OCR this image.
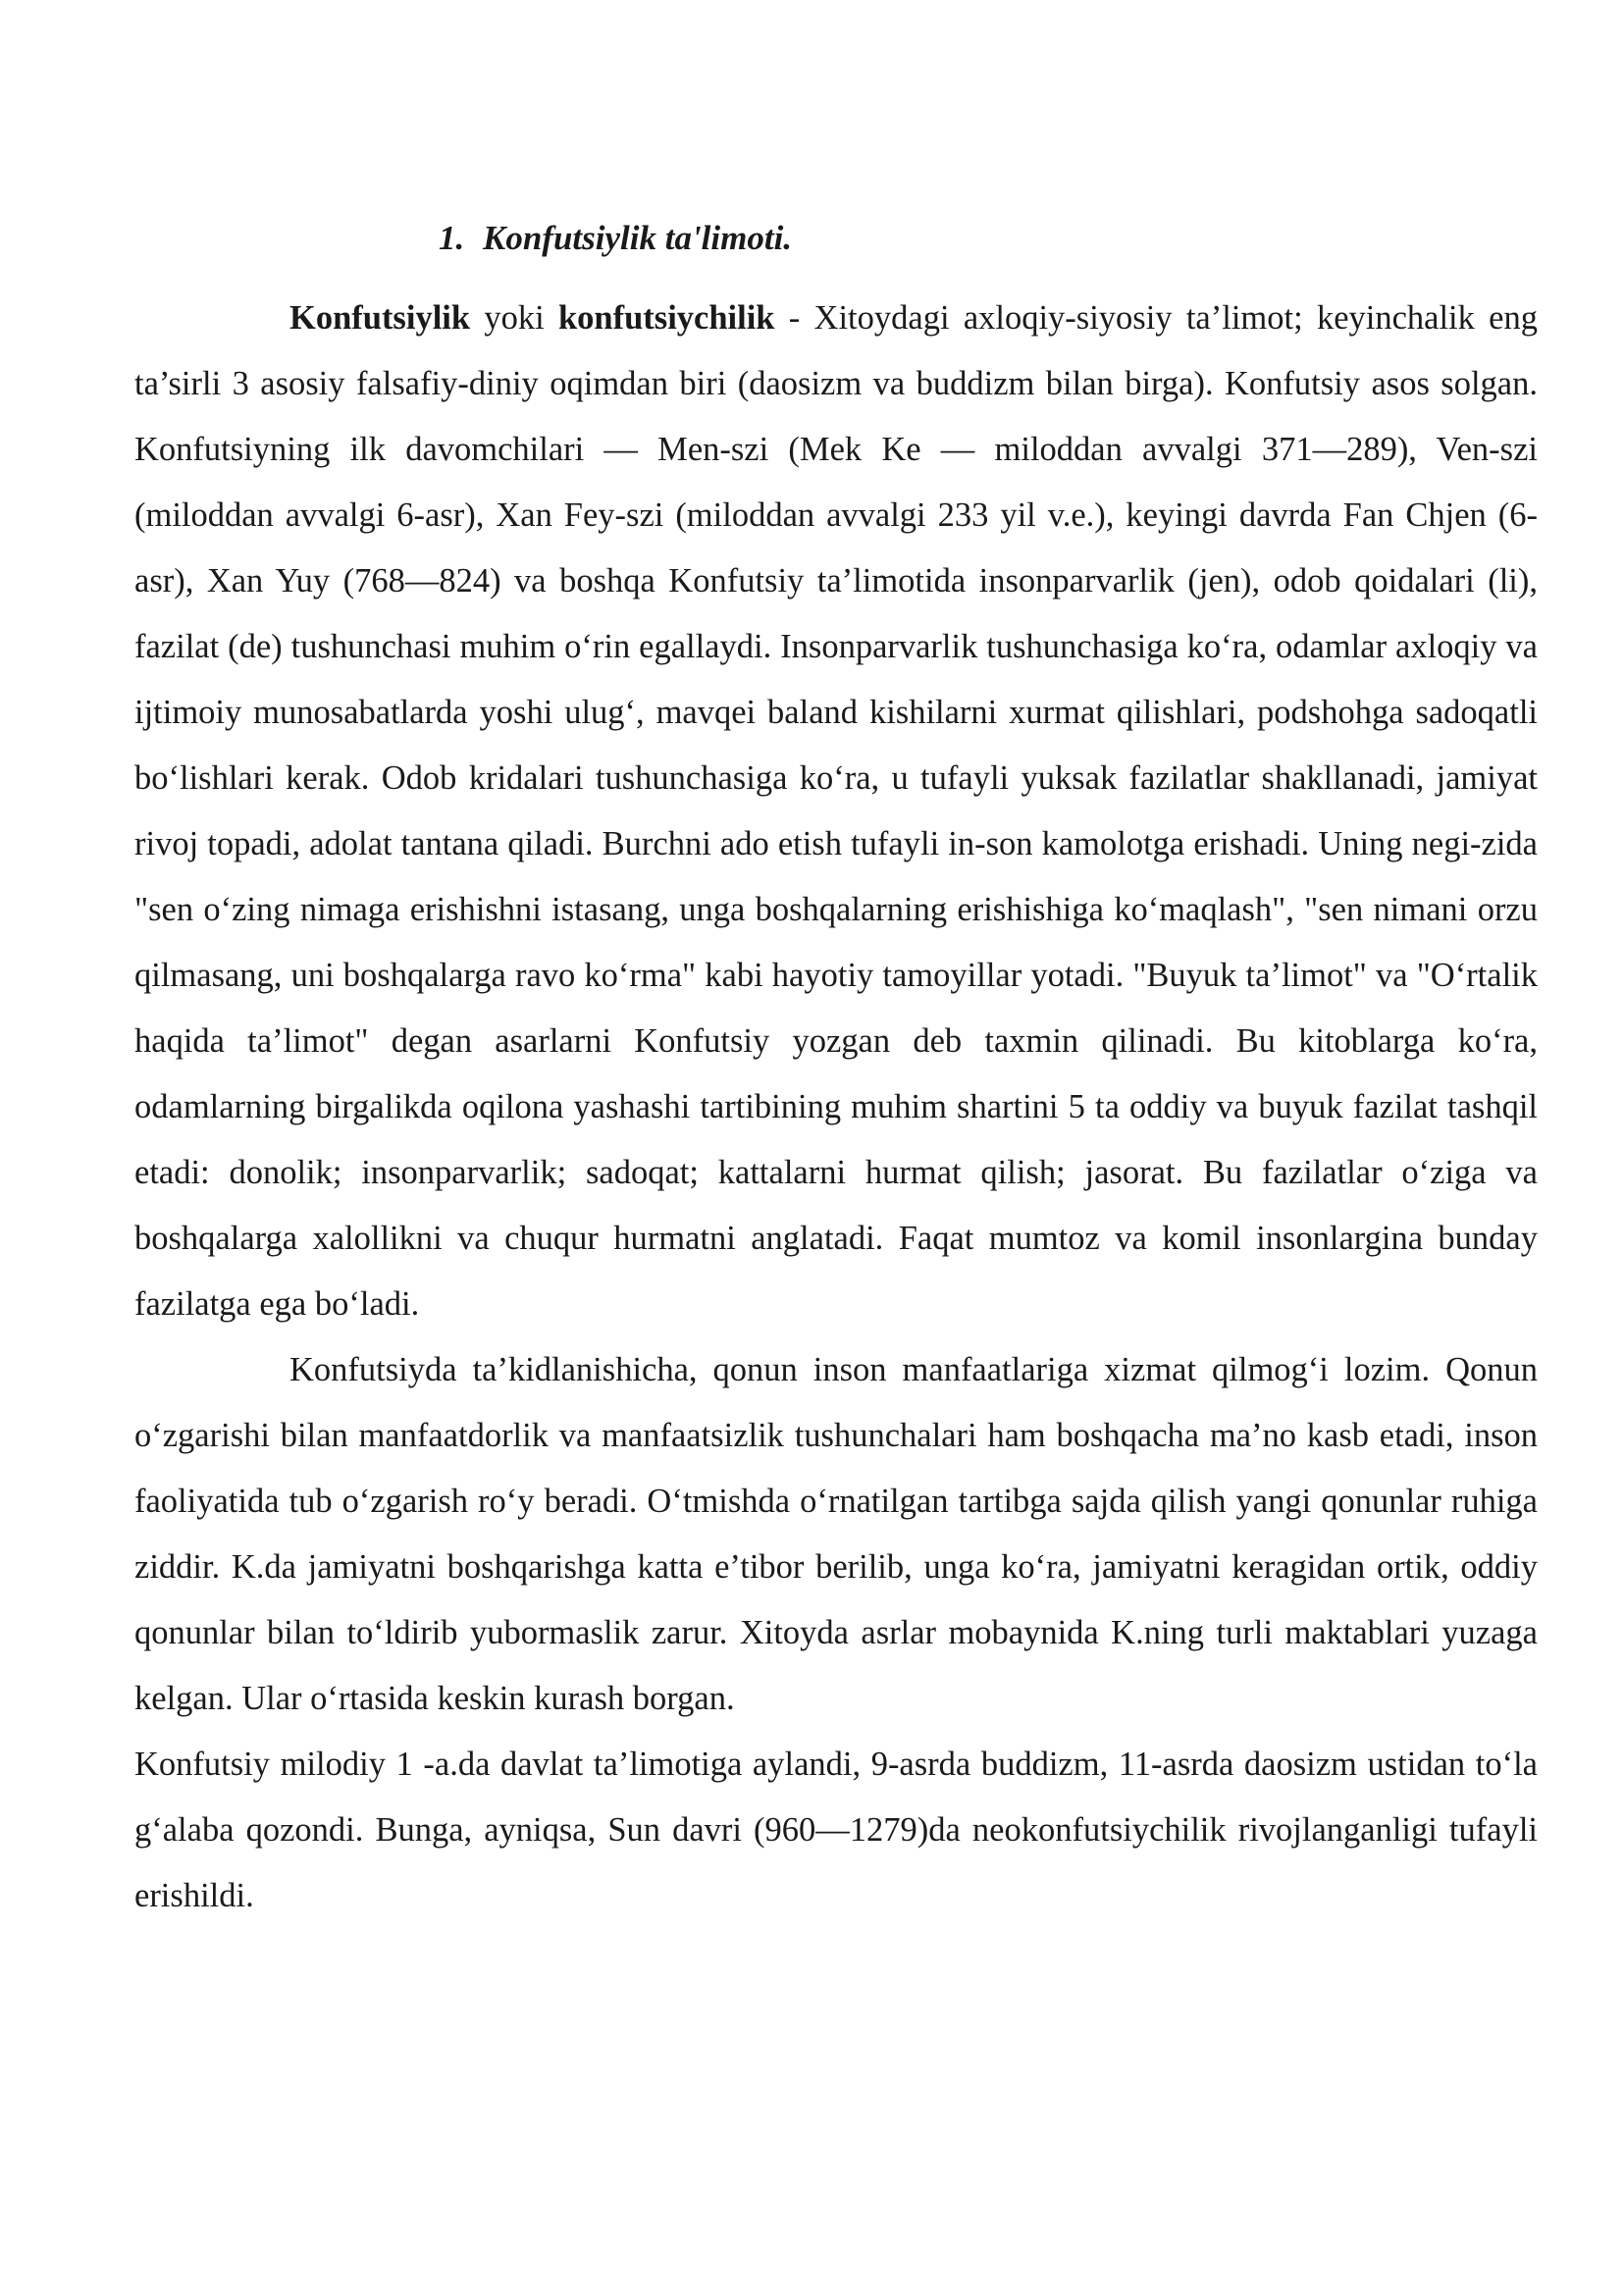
1. Konfutsiylik ta'limoti.

Konfutsiylik yoki konfutsiychilik - Xitoydagi axloqiy-siyosiy ta’limot; keyinchalik eng ta’sirli 3 asosiy falsafiy-diniy oqimdan biri (daosizm va buddizm bilan birga). Konfutsiy asos solgan. Konfutsiyning ilk davomchilari — Men-szi (Mek Ke — miloddan avvalgi 371—289), Ven-szi (miloddan avvalgi 6-asr), Xan Fey-szi (miloddan avvalgi 233 yil v.e.), keyingi davrda Fan Chjen (6-asr), Xan Yuy (768—824) va boshqa Konfutsiy ta’limotida insonparvarlik (jen), odob qoidalari (li), fazilat (de) tushunchasi muhim o‘rin egallaydi. Insonparvarlik tushunchasiga ko‘ra, odamlar axloqiy va ijtimoiy munosabatlarda yoshi ulug‘, mavqei baland kishilarni xurmat qilishlari, podshohga sadoqatli bo‘lishlari kerak. Odob kridalari tushunchasiga ko‘ra, u tufayli yuksak fazilatlar shakllanadi, jamiyat rivoj topadi, adolat tantana qiladi. Burchni ado etish tufayli in-son kamolotga erishadi. Uning negi-zida "sen o‘zing nimaga erishishni istasang, unga boshqalarning erishishiga ko‘maqlash", "sen nimani orzu qilmasang, uni boshqalarga ravo ko‘rma" kabi hayotiy tamoyillar yotadi. "Buyuk ta’limot" va "O‘rtalik haqida ta’limot" degan asarlarni Konfutsiy yozgan deb taxmin qilinadi. Bu kitoblarga ko‘ra, odamlarning birgalikda oqilona yashashi tartibining muhim shartini 5 ta oddiy va buyuk fazilat tashqil etadi: donolik; insonparvarlik; sadoqat; kattalarni hurmat qilish; jasorat. Bu fazilatlar o‘ziga va boshqalarga xalollikni va chuqur hurmatni anglatadi. Faqat mumtoz va komil insonlargina bunday fazilatga ega bo‘ladi.

Konfutsiyda ta’kidlanishicha, qonun inson manfaatlariga xizmat qilmog‘i lozim. Qonun o‘zgarishi bilan manfaatdorlik va manfaatsizlik tushunchalari ham boshqacha ma’no kasb etadi, inson faoliyatida tub o‘zgarish ro‘y beradi. O‘tmishda o‘rnatilgan tartibga sajda qilish yangi qonunlar ruhiga ziddir. K.da jamiyatni boshqarishga katta e’tibor berilib, unga ko‘ra, jamiyatni keragidan ortik, oddiy qonunlar bilan to‘ldirib yubormaslik zarur. Xitoyda asrlar mobaynida K.ning turli maktablari yuzaga kelgan. Ular o‘rtasida keskin kurash borgan.

Konfutsiy milodiy 1 -a.da davlat ta’limotiga aylandi, 9-asrda buddizm, 11-asrda daosizm ustidan to‘la g‘alaba qozondi. Bunga, ayniqsa, Sun davri (960—1279)da neokonfutsiychilik rivojlanganligi tufayli erishildi.
